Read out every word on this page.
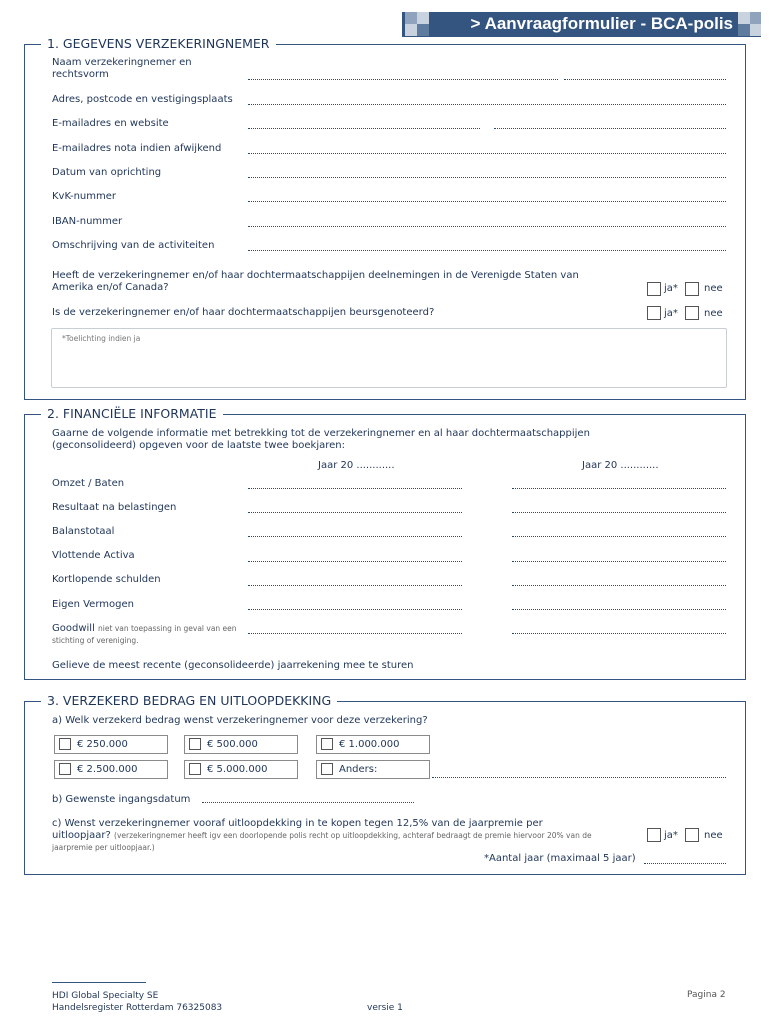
> Aanvraagformulier - BCA-polis
1. GEGEVENS VERZEKERINGNEMER
Naam verzekeringnemer en rechtsvorm
Adres, postcode en vestigingsplaats
E-mailadres en website
E-mailadres nota indien afwijkend
Datum van oprichting
KvK-nummer
IBAN-nummer
Omschrijving van de activiteiten
Heeft de verzekeringnemer en/of haar dochtermaatschappijen deelnemingen in de Verenigde Staten van Amerika en/of Canada?	ja*	nee
Is de verzekeringnemer en/of haar dochtermaatschappijen beursgenoteerd?	ja*	nee
*Toelichting indien ja
2. FINANCIËLE INFORMATIE
Gaarne de volgende informatie met betrekking tot de verzekeringnemer en al haar dochtermaatschappijen (geconsolideerd) opgeven voor de laatste twee boekjaren:
Jaar 20 ............	Jaar 20 ............
Omzet / Baten
Resultaat na belastingen
Balanstotaal
Vlottende Activa
Kortlopende schulden
Eigen Vermogen
Goodwill niet van toepassing in geval van een stichting of vereniging.
Gelieve de meest recente (geconsolideerde) jaarrekening mee te sturen
3. VERZEKERD BEDRAG EN UITLOOPDEKKING
a) Welk verzekerd bedrag wenst verzekeringnemer voor deze verzekering?
€ 250.000	€ 500.000	€ 1.000.000
€ 2.500.000	€ 5.000.000	Anders:
b) Gewenste ingangsdatum
c) Wenst verzekeringnemer vooraf uitloopdekking in te kopen tegen 12,5% van de jaarpremie per uitloopjaar? (verzekeringnemer heeft igv een doorlopende polis recht op uitloopdekking, achteraf bedraagt de premie hiervoor 20% van de jaarpremie per uitloopjaar.)
ja*	nee
*Aantal jaar (maximaal 5 jaar)
HDI Global Specialty SE
Handelsregister Rotterdam 76325083	versie 1
Pagina 2
